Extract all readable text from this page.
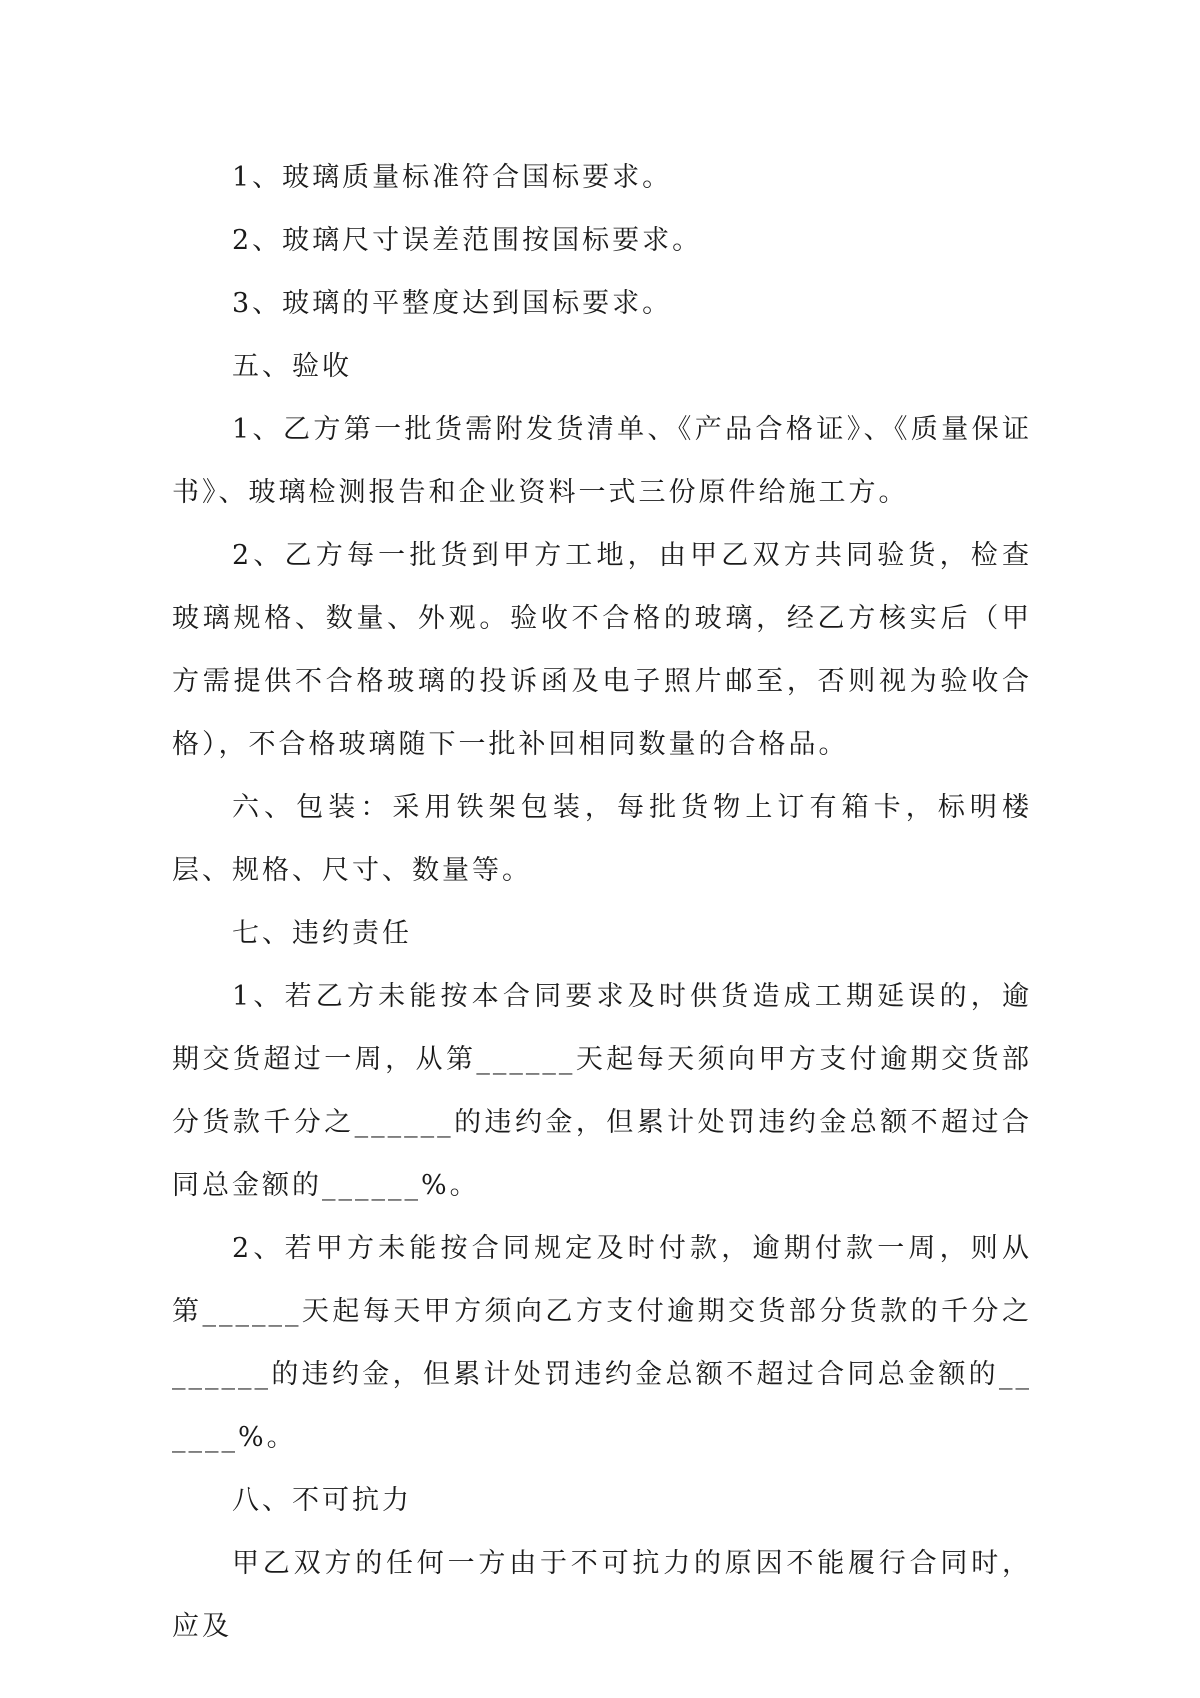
1、玻璃质量标准符合国标要求。

2、玻璃尺寸误差范围按国标要求。

3、玻璃的平整度达到国标要求。

五、验收

1、乙方第一批货需附发货清单、《产品合格证》、《质量保证书》、玻璃检测报告和企业资料一式三份原件给施工方。

2、乙方每一批货到甲方工地，由甲乙双方共同验货，检查玻璃规格、数量、外观。验收不合格的玻璃，经乙方核实后（甲方需提供不合格玻璃的投诉函及电子照片邮至，否则视为验收合格），不合格玻璃随下一批补回相同数量的合格品。

六、包装：采用铁架包装，每批货物上订有箱卡，标明楼层、规格、尺寸、数量等。

七、违约责任

1、若乙方未能按本合同要求及时供货造成工期延误的，逾期交货超过一周，从第______天起每天须向甲方支付逾期交货部分货款千分之______的违约金，但累计处罚违约金总额不超过合同总金额的______%。

2、若甲方未能按合同规定及时付款，逾期付款一周，则从第______天起每天甲方须向乙方支付逾期交货部分货款的千分之______的违约金，但累计处罚违约金总额不超过合同总金额的______%。

八、不可抗力

甲乙双方的任何一方由于不可抗力的原因不能履行合同时，应及
